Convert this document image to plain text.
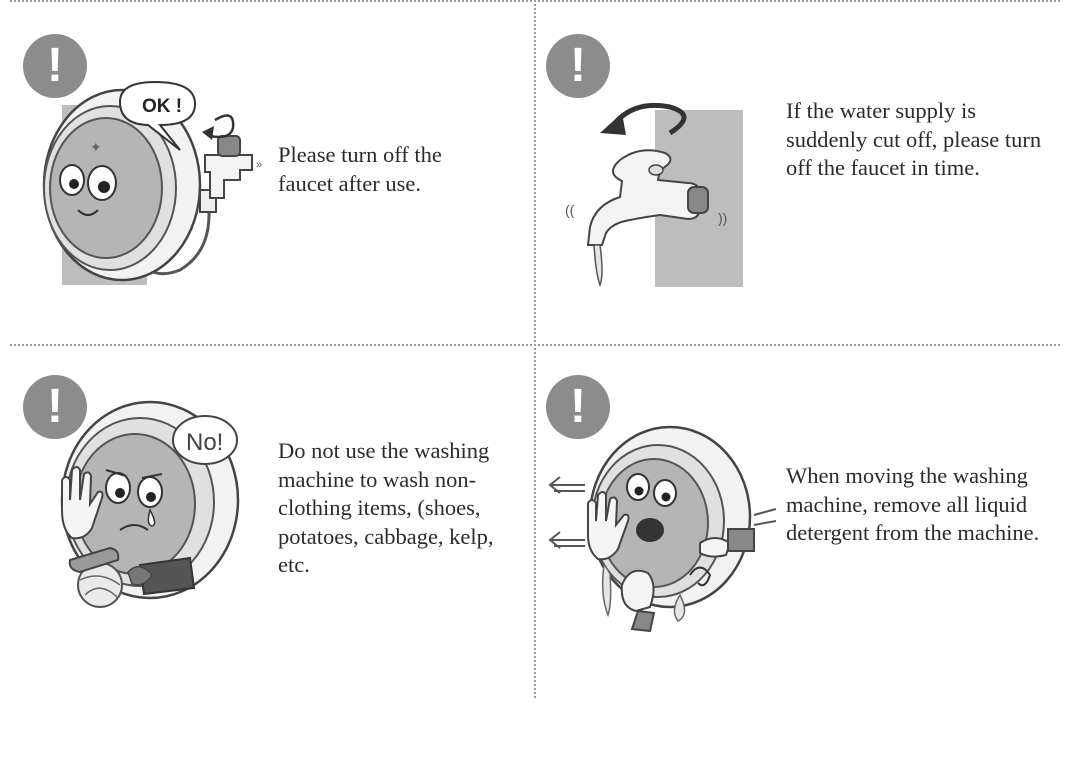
!
✦
OK !
» Please turn off the faucet after use.

!
((	))

If the water supply is suddenly cut off, please turn off the faucet in time.

!
No! Do not use the washing machine to wash non-clothing items, (shoes, potatoes, cabbage, kelp, etc.

!

When moving the washing machine, remove all liquid detergent from the machine.
